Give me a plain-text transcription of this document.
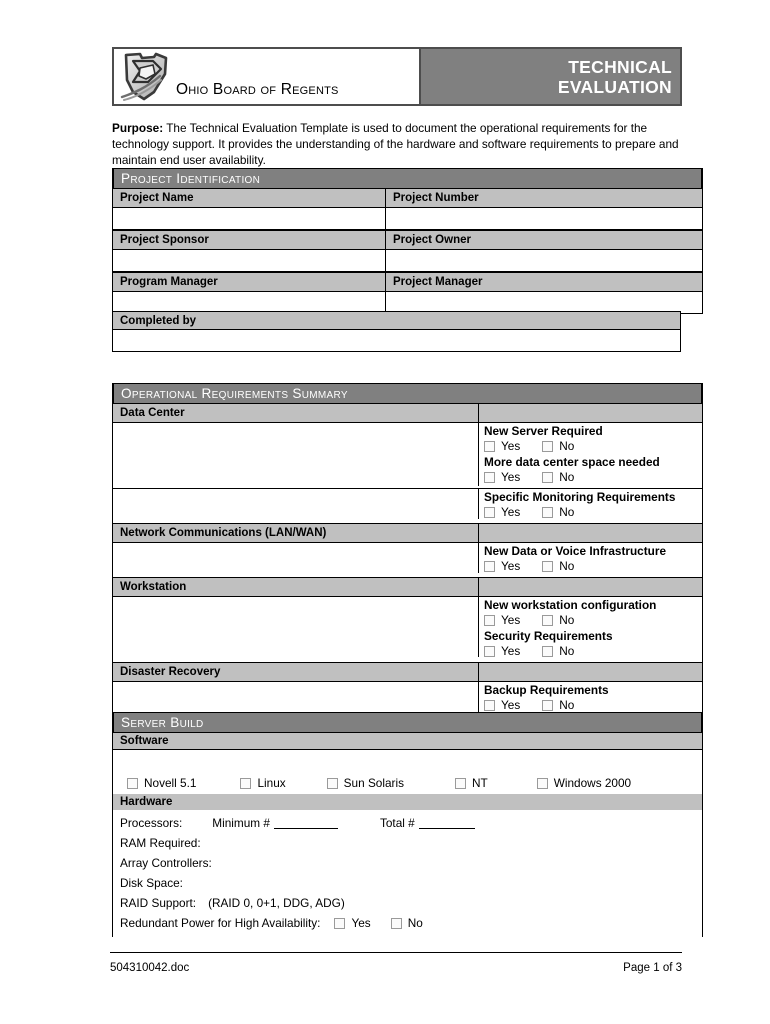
Ohio Board of Regents
TECHNICAL
EVALUATION
Purpose: The Technical Evaluation Template is used to document the operational requirements for the technology support. It provides the understanding of the hardware and software requirements to prepare and maintain end user availability.
Project Identification
Project Name	Project Number
Project Sponsor	Project Owner
Program Manager	Project Manager
Completed by
Operational Requirements Summary
Data Center
New Server Required
Yes	No
More data center space needed
Yes	No
Specific Monitoring Requirements
Yes	No
Network Communications (LAN/WAN)
New Data or Voice Infrastructure
Yes	No
Workstation
New workstation configuration
Yes	No
Security Requirements
Yes	No
Disaster Recovery
Backup Requirements
Yes	No
Server Build
Software
Novell 5.1	Linux	Sun Solaris	NT	Windows 2000
Hardware
Processors:	Minimum #	Total #
RAM Required:
Array Controllers:
Disk Space:
RAID Support: (RAID 0, 0+1, DDG, ADG)
Redundant Power for High Availability:	Yes	No
504310042.doc	Page 1 of 3
